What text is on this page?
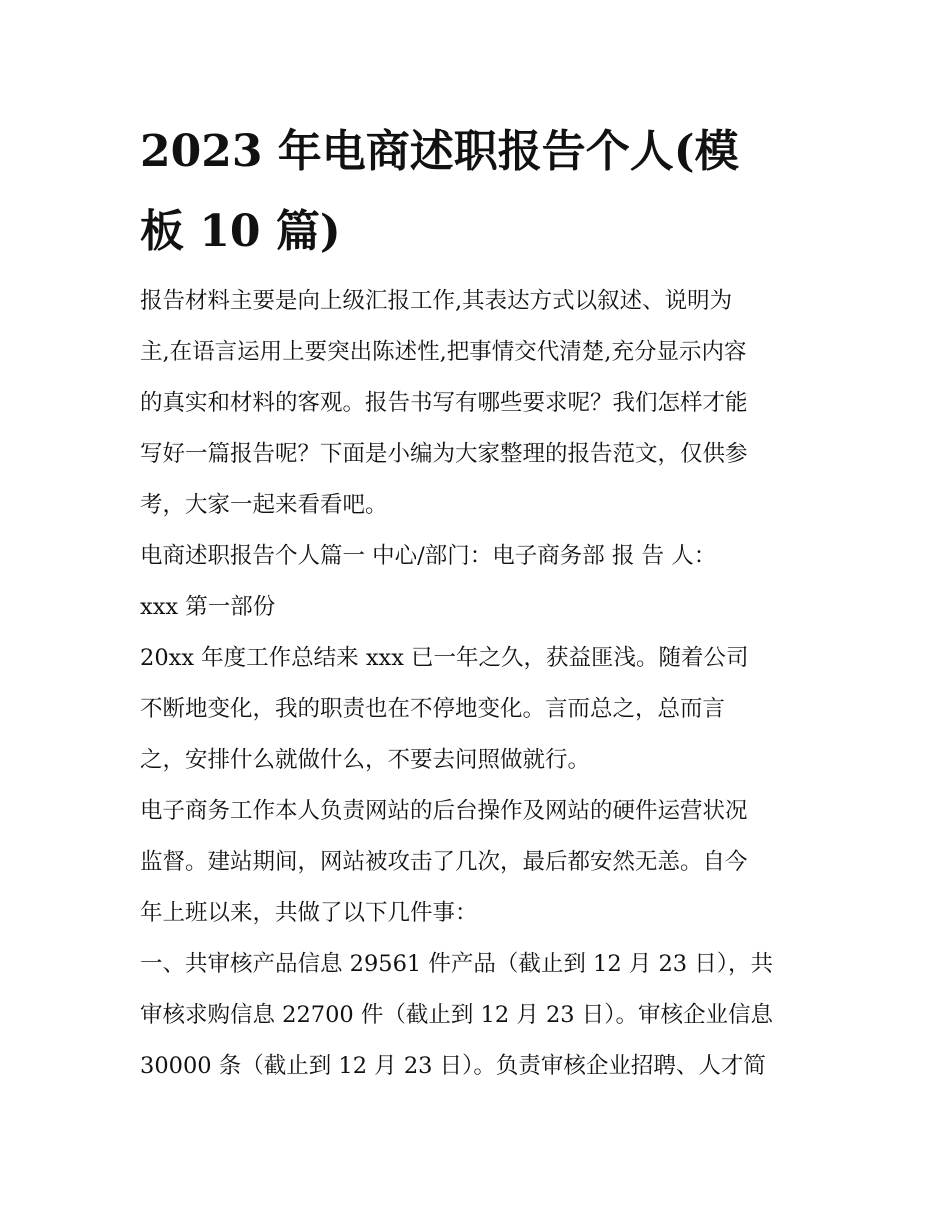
2023 年电商述职报告个人(模
板 10 篇)

报告材料主要是向上级汇报工作,其表达方式以叙述、说明为
主,在语言运用上要突出陈述性,把事情交代清楚,充分显示内容
的真实和材料的客观。报告书写有哪些要求呢？我们怎样才能
写好一篇报告呢？下面是小编为大家整理的报告范文，仅供参
考，大家一起来看看吧。

电商述职报告个人篇一 中心/部门：电子商务部 报 告 人：
xxx 第一部份

20xx 年度工作总结来 xxx 已一年之久，获益匪浅。随着公司
不断地变化，我的职责也在不停地变化。言而总之，总而言
之，安排什么就做什么，不要去问照做就行。

电子商务工作本人负责网站的后台操作及网站的硬件运营状况
监督。建站期间，网站被攻击了几次，最后都安然无恙。自今
年上班以来，共做了以下几件事：

一、共审核产品信息 29561 件产品（截止到 12 月 23 日），共
审核求购信息 22700 件（截止到 12 月 23 日）。审核企业信息
30000 条（截止到 12 月 23 日）。负责审核企业招聘、人才简
